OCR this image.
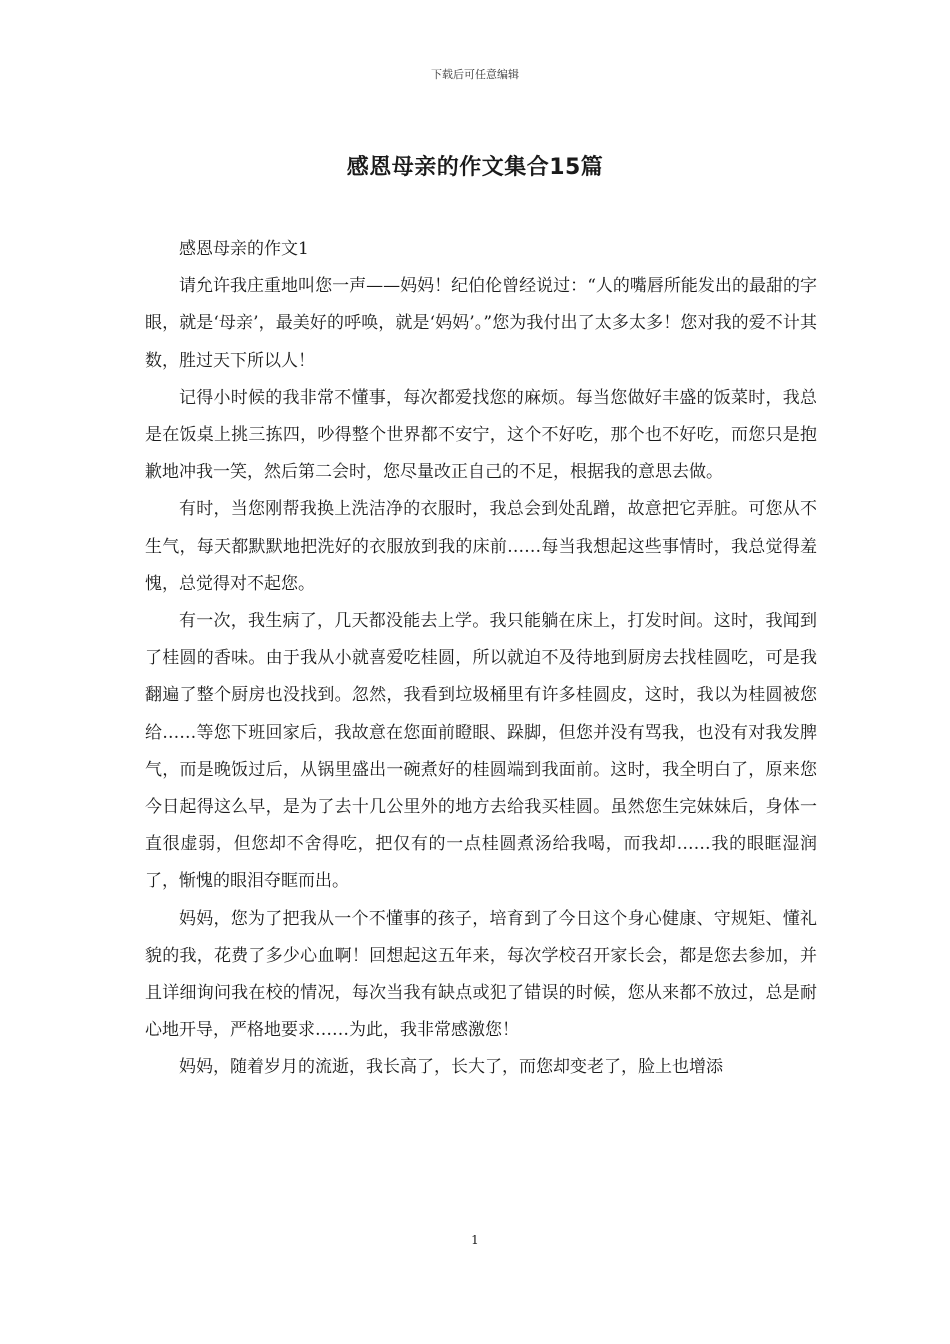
下载后可任意编辑
感恩母亲的作文集合15篇

感恩母亲的作文1

请允许我庄重地叫您一声——妈妈！纪伯伦曾经说过：“人的嘴唇所能发出的最甜的字眼，就是‘母亲’，最美好的呼唤，就是‘妈妈’。”您为我付出了太多太多！您对我的爱不计其数，胜过天下所以人！

记得小时候的我非常不懂事，每次都爱找您的麻烦。每当您做好丰盛的饭菜时，我总是在饭桌上挑三拣四，吵得整个世界都不安宁，这个不好吃，那个也不好吃，而您只是抱歉地冲我一笑，然后第二会时，您尽量改正自己的不足，根据我的意思去做。

有时，当您刚帮我换上洗洁净的衣服时，我总会到处乱蹭，故意把它弄脏。可您从不生气，每天都默默地把洗好的衣服放到我的床前……每当我想起这些事情时，我总觉得羞愧，总觉得对不起您。

有一次，我生病了，几天都没能去上学。我只能躺在床上，打发时间。这时，我闻到了桂圆的香味。由于我从小就喜爱吃桂圆，所以就迫不及待地到厨房去找桂圆吃，可是我翻遍了整个厨房也没找到。忽然，我看到垃圾桶里有许多桂圆皮，这时，我以为桂圆被您给……等您下班回家后，我故意在您面前瞪眼、跺脚，但您并没有骂我，也没有对我发脾气，而是晚饭过后，从锅里盛出一碗煮好的桂圆端到我面前。这时，我全明白了，原来您今日起得这么早，是为了去十几公里外的地方去给我买桂圆。虽然您生完妹妹后，身体一直很虚弱，但您却不舍得吃，把仅有的一点桂圆煮汤给我喝，而我却……我的眼眶湿润了，惭愧的眼泪夺眶而出。

妈妈，您为了把我从一个不懂事的孩子，培育到了今日这个身心健康、守规矩、懂礼貌的我，花费了多少心血啊！回想起这五年来，每次学校召开家长会，都是您去参加，并且详细询问我在校的情况，每次当我有缺点或犯了错误的时候，您从来都不放过，总是耐心地开导，严格地要求……为此，我非常感激您！

妈妈，随着岁月的流逝，我长高了，长大了，而您却变老了，脸上也增添

1
